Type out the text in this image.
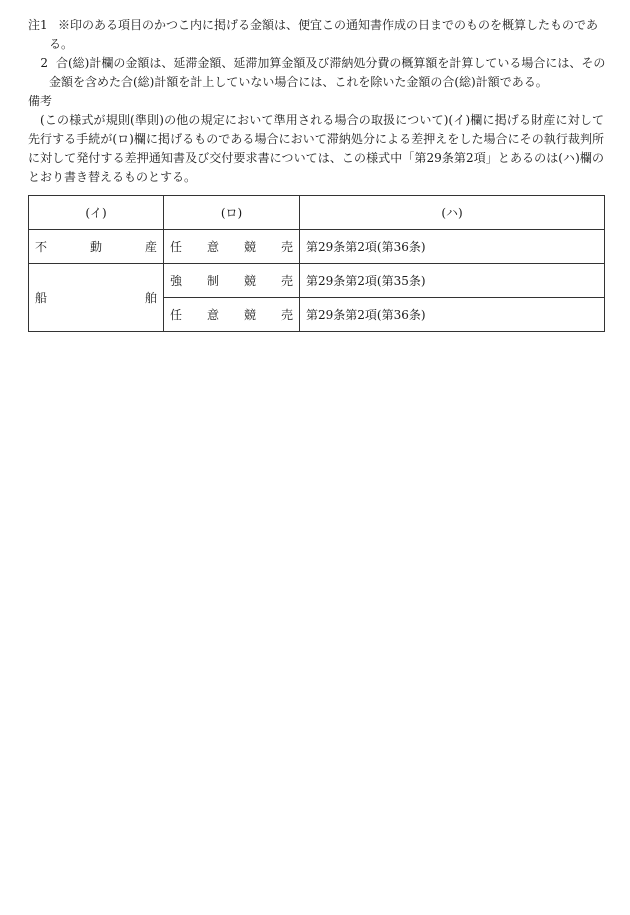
注1 ※印のある項目のかつこ内に掲げる金額は、便宜この通知書作成の日までのものを概算したものであ
る。
2 合(総)計欄の金額は、延滞金額、延滞加算金額及び滞納処分費の概算額を計算している場合には、その
金額を含めた合(総)計額を計上していない場合には、これを除いた金額の合(総)計額である。
備考
(この様式が規則(準則)の他の規定において準用される場合の取扱について)(イ)欄に掲げる財産に対して先行する手続が(ロ)欄に掲げるものである場合において滞納処分による差押えをした場合にその執行裁判所に対して発付する差押通知書及び交付要求書については、この様式中「第29条第2項」とあるのは(ハ)欄のとおり書き替えるものとする。
(イ)	(ロ)	(ハ)

不 動 産	任 意 競 売	第29条第2項(第36条)

船 舶	強 制 競 売	第29条第2項(第35条)

	任 意 競 売	第29条第2項(第36条)
